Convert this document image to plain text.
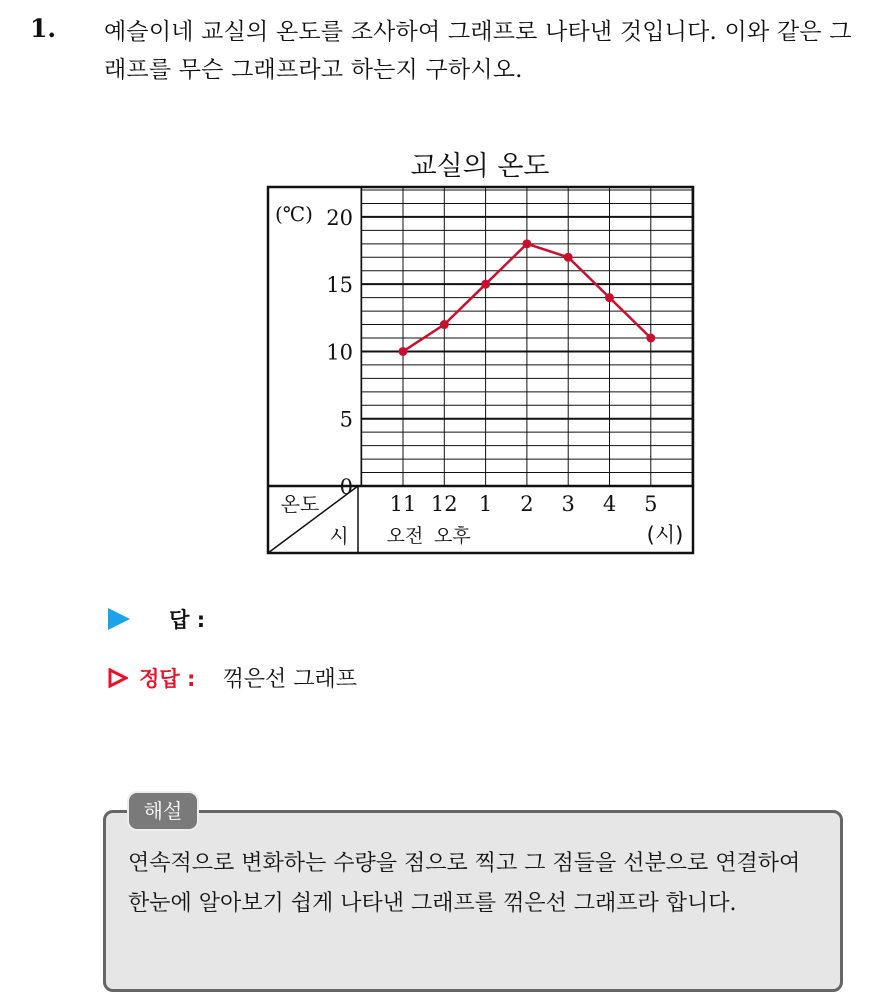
1. 예슬이네 교실의 온도를 조사하여 그래프로 나타낸 것입니다. 이와 같은 그래프를 무슨 그래프라고 하는지 구하시오.
교실의 온도
(℃)
0
5
10
15
20
온도
시
11 12 1 2 3 4 5
오전 오후	(시)
답 :
정답 : 꺾은선 그래프
해설
연속적으로 변화하는 수량을 점으로 찍고 그 점들을 선분으로 연결하여 한눈에 알아보기 쉽게 나타낸 그래프를 꺾은선 그래프라 합니다.
